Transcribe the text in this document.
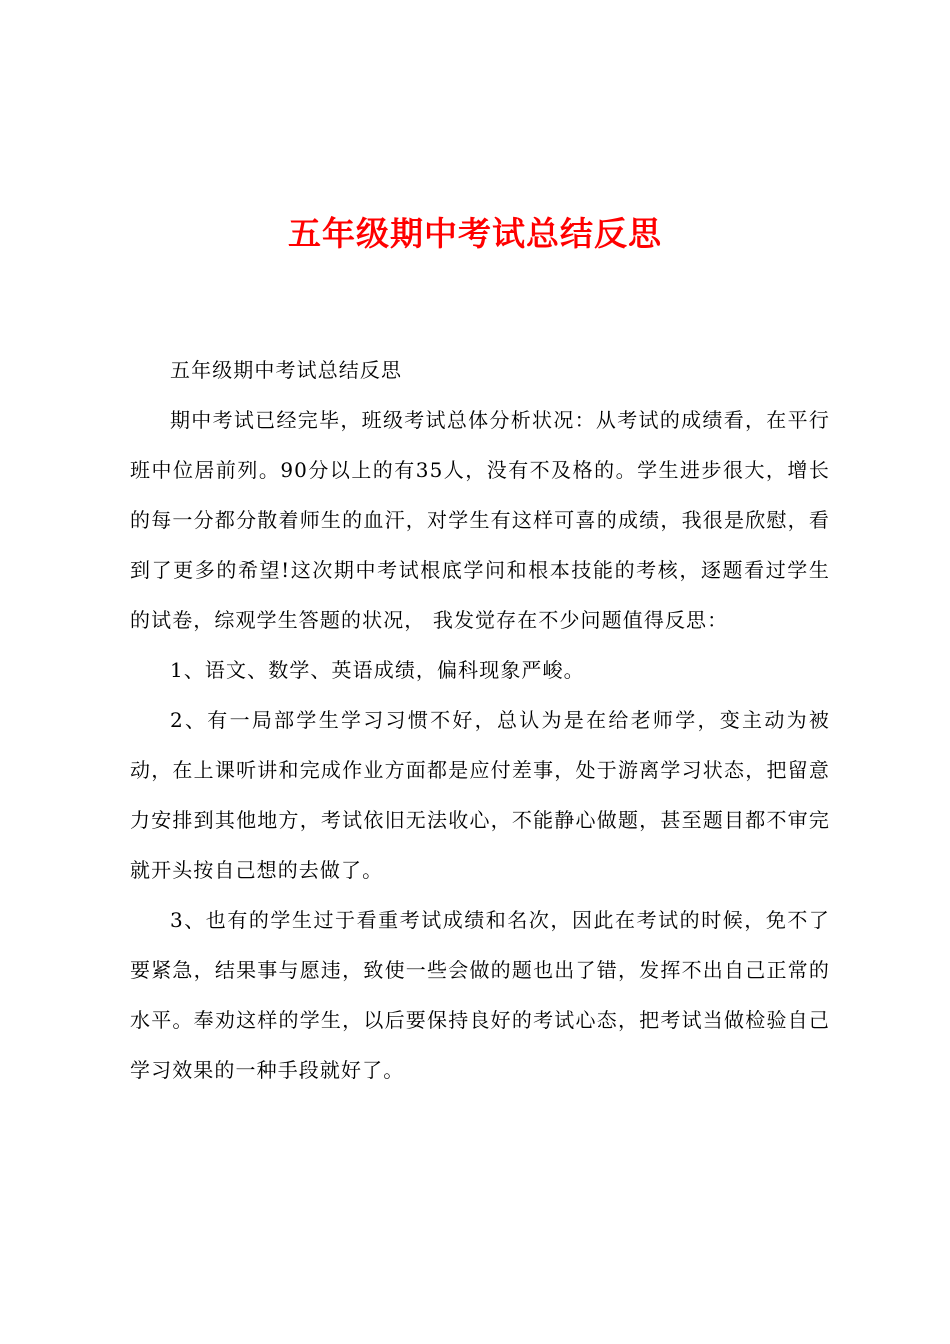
五年级期中考试总结反思

五年级期中考试总结反思

期中考试已经完毕，班级考试总体分析状况：从考试的成绩看，在平行班中位居前列。90分以上的有35人，没有不及格的。学生进步很大，增长的每一分都分散着师生的血汗，对学生有这样可喜的成绩，我很是欣慰，看到了更多的希望!这次期中考试根底学问和根本技能的考核，逐题看过学生的试卷，综观学生答题的状况， 我发觉存在不少问题值得反思：

1、语文、数学、英语成绩，偏科现象严峻。

2、有一局部学生学习习惯不好，总认为是在给老师学，变主动为被动，在上课听讲和完成作业方面都是应付差事，处于游离学习状态，把留意力安排到其他地方，考试依旧无法收心，不能静心做题，甚至题目都不审完就开头按自己想的去做了。

3、也有的学生过于看重考试成绩和名次，因此在考试的时候，免不了要紧急，结果事与愿违，致使一些会做的题也出了错，发挥不出自己正常的水平。奉劝这样的学生，以后要保持良好的考试心态，把考试当做检验自己学习效果的一种手段就好了。
